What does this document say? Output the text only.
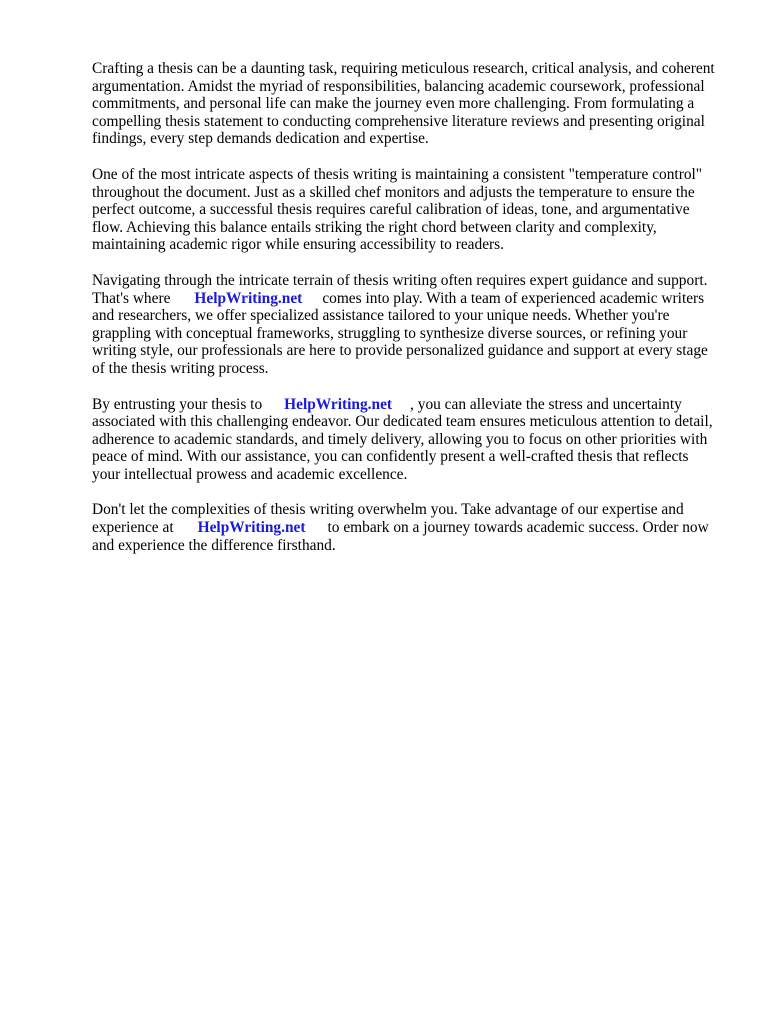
Crafting a thesis can be a daunting task, requiring meticulous research, critical analysis, and coherent
argumentation. Amidst the myriad of responsibilities, balancing academic coursework, professional
commitments, and personal life can make the journey even more challenging. From formulating a
compelling thesis statement to conducting comprehensive literature reviews and presenting original
findings, every step demands dedication and expertise.

One of the most intricate aspects of thesis writing is maintaining a consistent "temperature control"
throughout the document. Just as a skilled chef monitors and adjusts the temperature to ensure the
perfect outcome, a successful thesis requires careful calibration of ideas, tone, and argumentative
flow. Achieving this balance entails striking the right chord between clarity and complexity,
maintaining academic rigor while ensuring accessibility to readers.

Navigating through the intricate terrain of thesis writing often requires expert guidance and support.
That's where HelpWriting.net comes into play. With a team of experienced academic writers
and researchers, we offer specialized assistance tailored to your unique needs. Whether you're
grappling with conceptual frameworks, struggling to synthesize diverse sources, or refining your
writing style, our professionals are here to provide personalized guidance and support at every stage
of the thesis writing process.

By entrusting your thesis to HelpWriting.net , you can alleviate the stress and uncertainty
associated with this challenging endeavor. Our dedicated team ensures meticulous attention to detail,
adherence to academic standards, and timely delivery, allowing you to focus on other priorities with
peace of mind. With our assistance, you can confidently present a well-crafted thesis that reflects
your intellectual prowess and academic excellence.

Don't let the complexities of thesis writing overwhelm you. Take advantage of our expertise and
experience at HelpWriting.net to embark on a journey towards academic success. Order now
and experience the difference firsthand.
